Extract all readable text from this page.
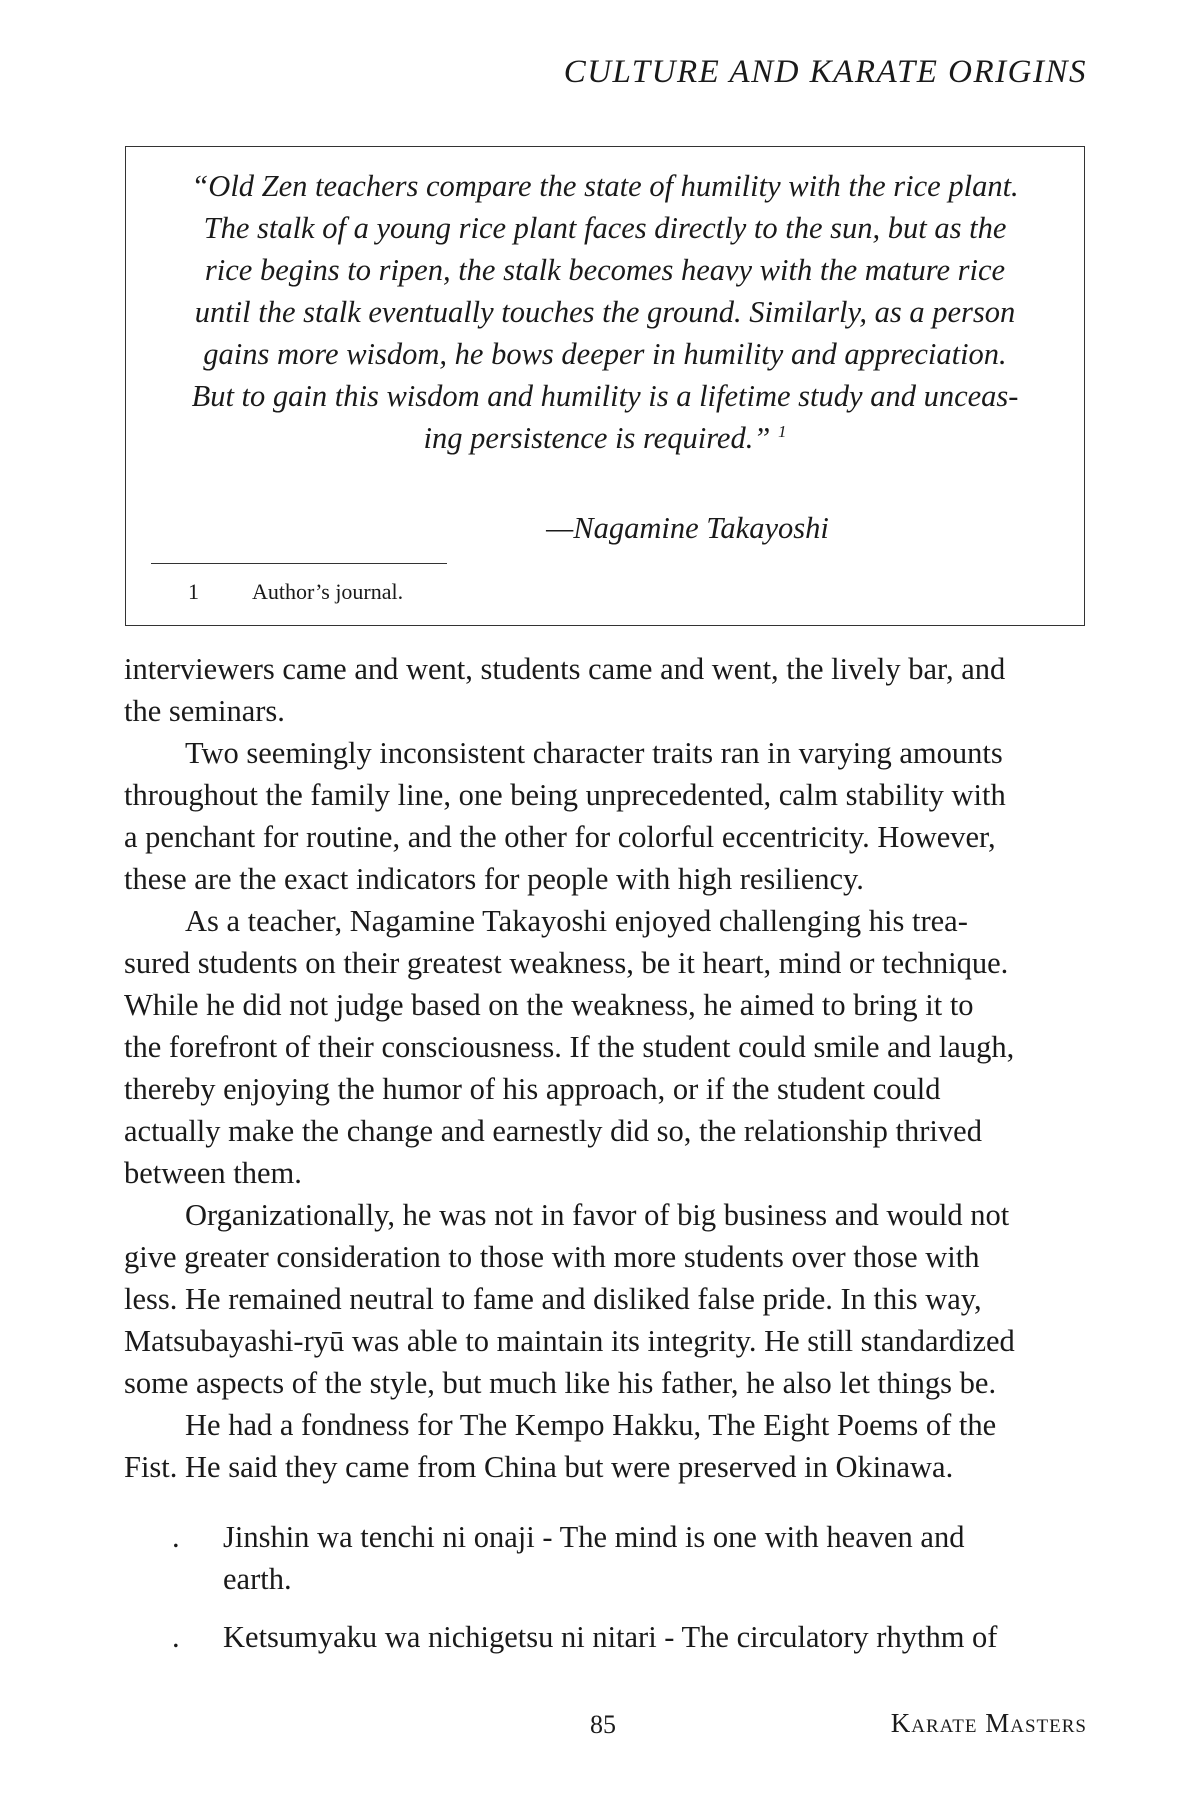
CULTURE AND KARATE ORIGINS
“Old Zen teachers compare the state of humility with the rice plant.
The stalk of a young rice plant faces directly to the sun, but as the
rice begins to ripen, the stalk becomes heavy with the mature rice
until the stalk eventually touches the ground. Similarly, as a person
gains more wisdom, he bows deeper in humility and appreciation.
But to gain this wisdom and humility is a lifetime study and unceas-
ing persistence is required.” $^1$
—Nagamine Takayoshi
1 Author’s journal.
interviewers came and went, students came and went, the lively bar, and
the seminars.
Two seemingly inconsistent character traits ran in varying amounts
throughout the family line, one being unprecedented, calm stability with
a penchant for routine, and the other for colorful eccentricity. However,
these are the exact indicators for people with high resiliency.
As a teacher, Nagamine Takayoshi enjoyed challenging his trea-
sured students on their greatest weakness, be it heart, mind or technique.
While he did not judge based on the weakness, he aimed to bring it to
the forefront of their consciousness. If the student could smile and laugh,
thereby enjoying the humor of his approach, or if the student could
actually make the change and earnestly did so, the relationship thrived
between them.
Organizationally, he was not in favor of big business and would not
give greater consideration to those with more students over those with
less. He remained neutral to fame and disliked false pride. In this way,
Matsubayashi-ryū was able to maintain its integrity. He still standardized
some aspects of the style, but much like his father, he also let things be.
He had a fondness for The Kempo Hakku, The Eight Poems of the
Fist. He said they came from China but were preserved in Okinawa.
. Jinshin wa tenchi ni onaji - The mind is one with heaven and
earth.
. Ketsumyaku wa nichigetsu ni nitari - The circulatory rhythm of
85	Karate Masters
